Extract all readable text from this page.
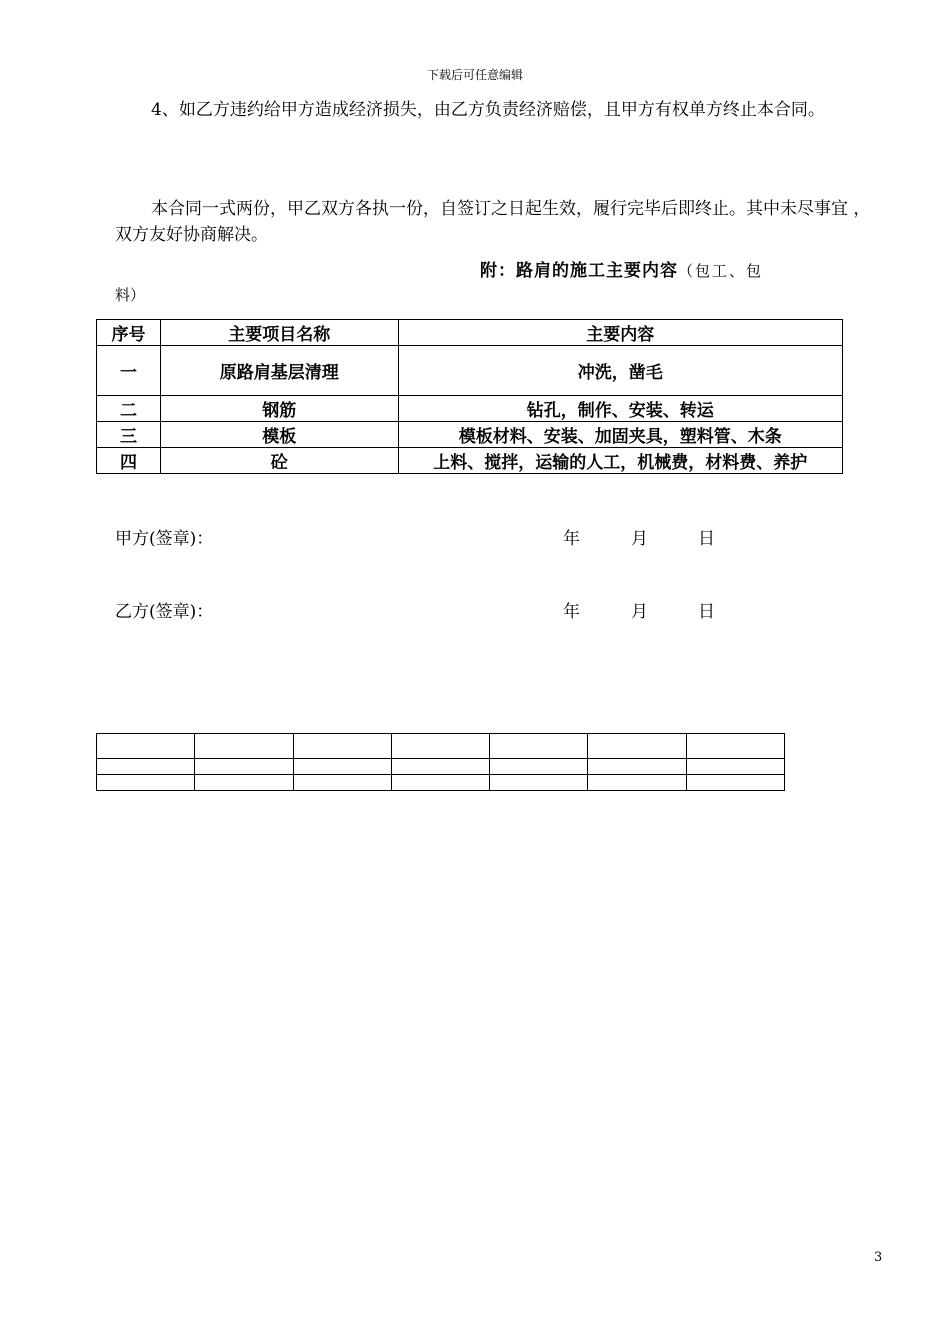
下载后可任意编辑

4、如乙方违约给甲方造成经济损失，由乙方负责经济赔偿，且甲方有权单方终止本合同。

本合同一式两份，甲乙双方各执一份，自签订之日起生效，履行完毕后即终止。其中未尽事宜 ，双方友好协商解决。

附：路肩的施工主要内容（包工、包
料）
序号	主要项目名称	主要内容
一	原路肩基层清理	冲洗，凿毛
二	钢筋	钻孔，制作、安装、转运
三	模板	模板材料、安装、加固夹具，塑料管、木条
四	砼	上料、搅拌，运输的人工，机械费，材料费、养护
甲方(签章)：	年	月	日
乙方(签章)：	年	月	日

3
